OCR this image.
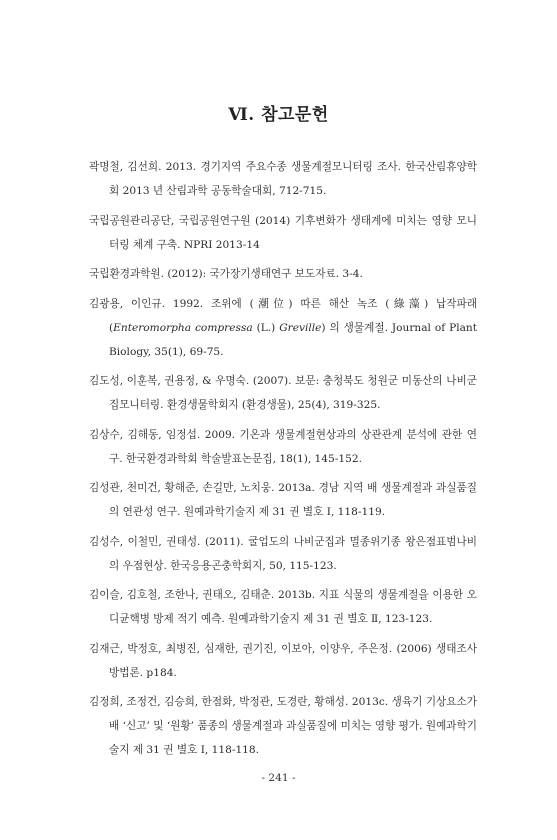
Ⅵ. 참고문헌

곽명철, 김선희. 2013. 경기지역 주요수종 생물계절모니터링 조사. 한국산림휴양학회 2013 년 산림과학 공동학술대회, 712-715.

국립공원관리공단, 국립공원연구원 (2014) 기후변화가 생태계에 미치는 영향 모니터링 체계 구축. NPRI 2013-14

국립환경과학원. (2012): 국가장기생태연구 보도자료. 3-4.

김광용, 이인규. 1992. 조위에 (潮位) 따른 해산 녹조 (綠藻) 납작파래 (Enteromorpha compressa (L.) Greville) 의 생물계절. Journal of Plant Biology, 35(1), 69-75.

김도성, 이훈복, 권용정, & 우명숙. (2007). 보문: 충청북도 청원군 미동산의 나비군집모니터링. 환경생물학회지 (환경생물), 25(4), 319-325.

김상수, 김해동, 임정섭. 2009. 기온과 생물계절현상과의 상관관계 분석에 관한 연구. 한국환경과학회 학술발표논문집, 18(1), 145-152.

김성관, 천미건, 황해준, 손길만, 노치웅. 2013a. 경남 지역 배 생물계절과 과실품질의 연관성 연구. 원예과학기술지 제 31 권 별호 Ⅰ, 118-119.

김성수, 이철민, 권태성. (2011). 굴업도의 나비군집과 멸종위기종 왕은점표범나비의 우점현상. 한국응용곤충학회지, 50, 115-123.

김이슬, 김호철, 조한나, 권태오, 김태춘. 2013b. 지표 식물의 생물계절을 이용한 오디균핵병 방제 적기 예측. 원예과학기술지 제 31 권 별호 Ⅱ, 123-123.

김재근, 박정호, 최병진, 심재한, 권기진, 이보아, 이양우, 주은정. (2006) 생태조사방법론. p184.

김정희, 조정건, 김승희, 한점화, 박정관, 도경란, 황해성. 2013c. 생육기 기상요소가 배 ‘신고’ 및 ‘원황’ 품종의 생물계절과 과실품질에 미치는 영향 평가. 원예과학기술지 제 31 권 별호 Ⅰ, 118-118.

- 241 -
